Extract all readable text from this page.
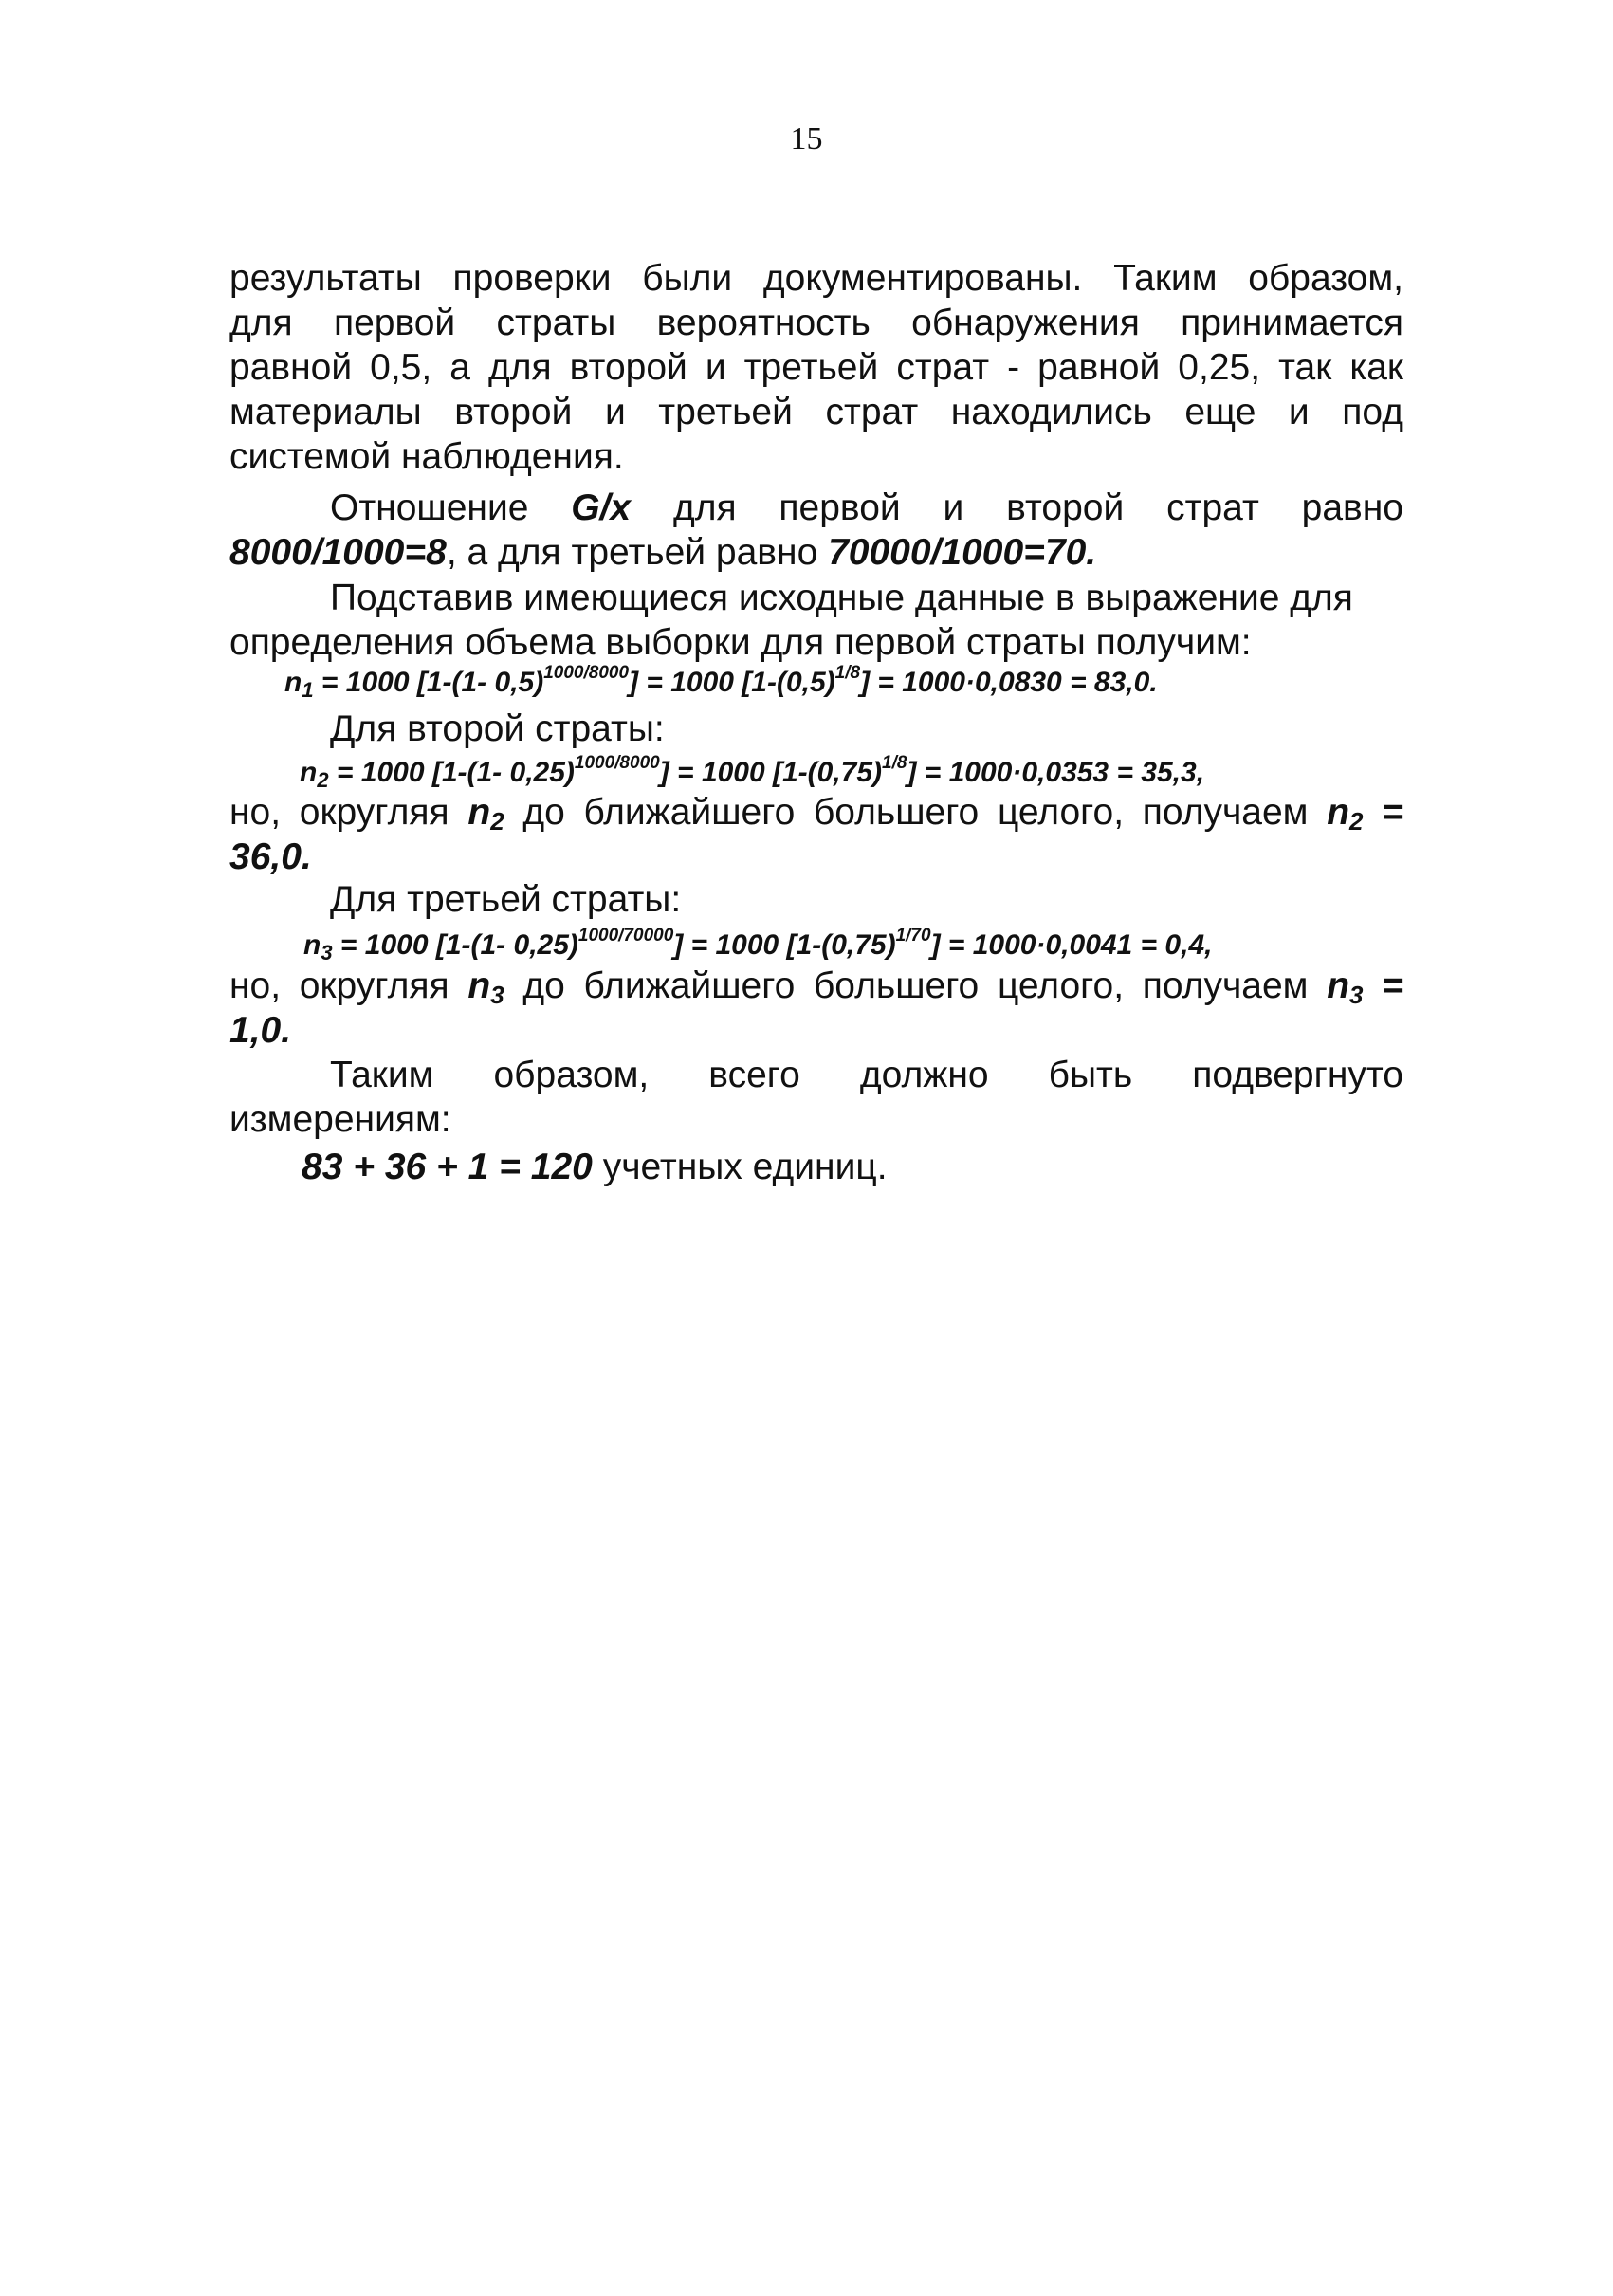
15
результаты проверки были документированы. Таким образом,
для первой страты вероятность обнаружения принимается
равной 0,5, а для второй и третьей страт - равной 0,25, так как
материалы второй и третьей страт находились еще и под
системой наблюдения.
Отношение G/x для первой и второй страт равно
8000/1000=8, а для третьей равно 70000/1000=70.
Подставив имеющиеся исходные данные в выражение для
определения объема выборки для первой страты получим:
$n_1 = 1000$ [1-(1- 0,5)$^{1000/8000}$] = 1000 $[1-(0,5)^{1/8}] = 1000\cdot 0,0830 = 83,0$.
Для второй страты:
$n_2 = 1000$ [1-(1- 0,25)$^{1000/8000}$] = 1000 $[1-(0,75)^{1/8}] = 1000\cdot 0,0353 = 35,3$,
но, округляя n2 до ближайшего большего целого, получаем n2 =
36,0.
Для третьей страты:
$n_3 = 1000$ [1-(1- 0,25)$^{1000/70000}$] = 1000 $[1-(0,75)^{1/70}] = 1000\cdot 0,0041 = 0,4$,
но, округляя n3 до ближайшего большего целого, получаем n3 =
1,0.
Таким образом, всего должно быть подвергнуто
измерениям:
83 + 36 + 1 = 120 учетных единиц.
